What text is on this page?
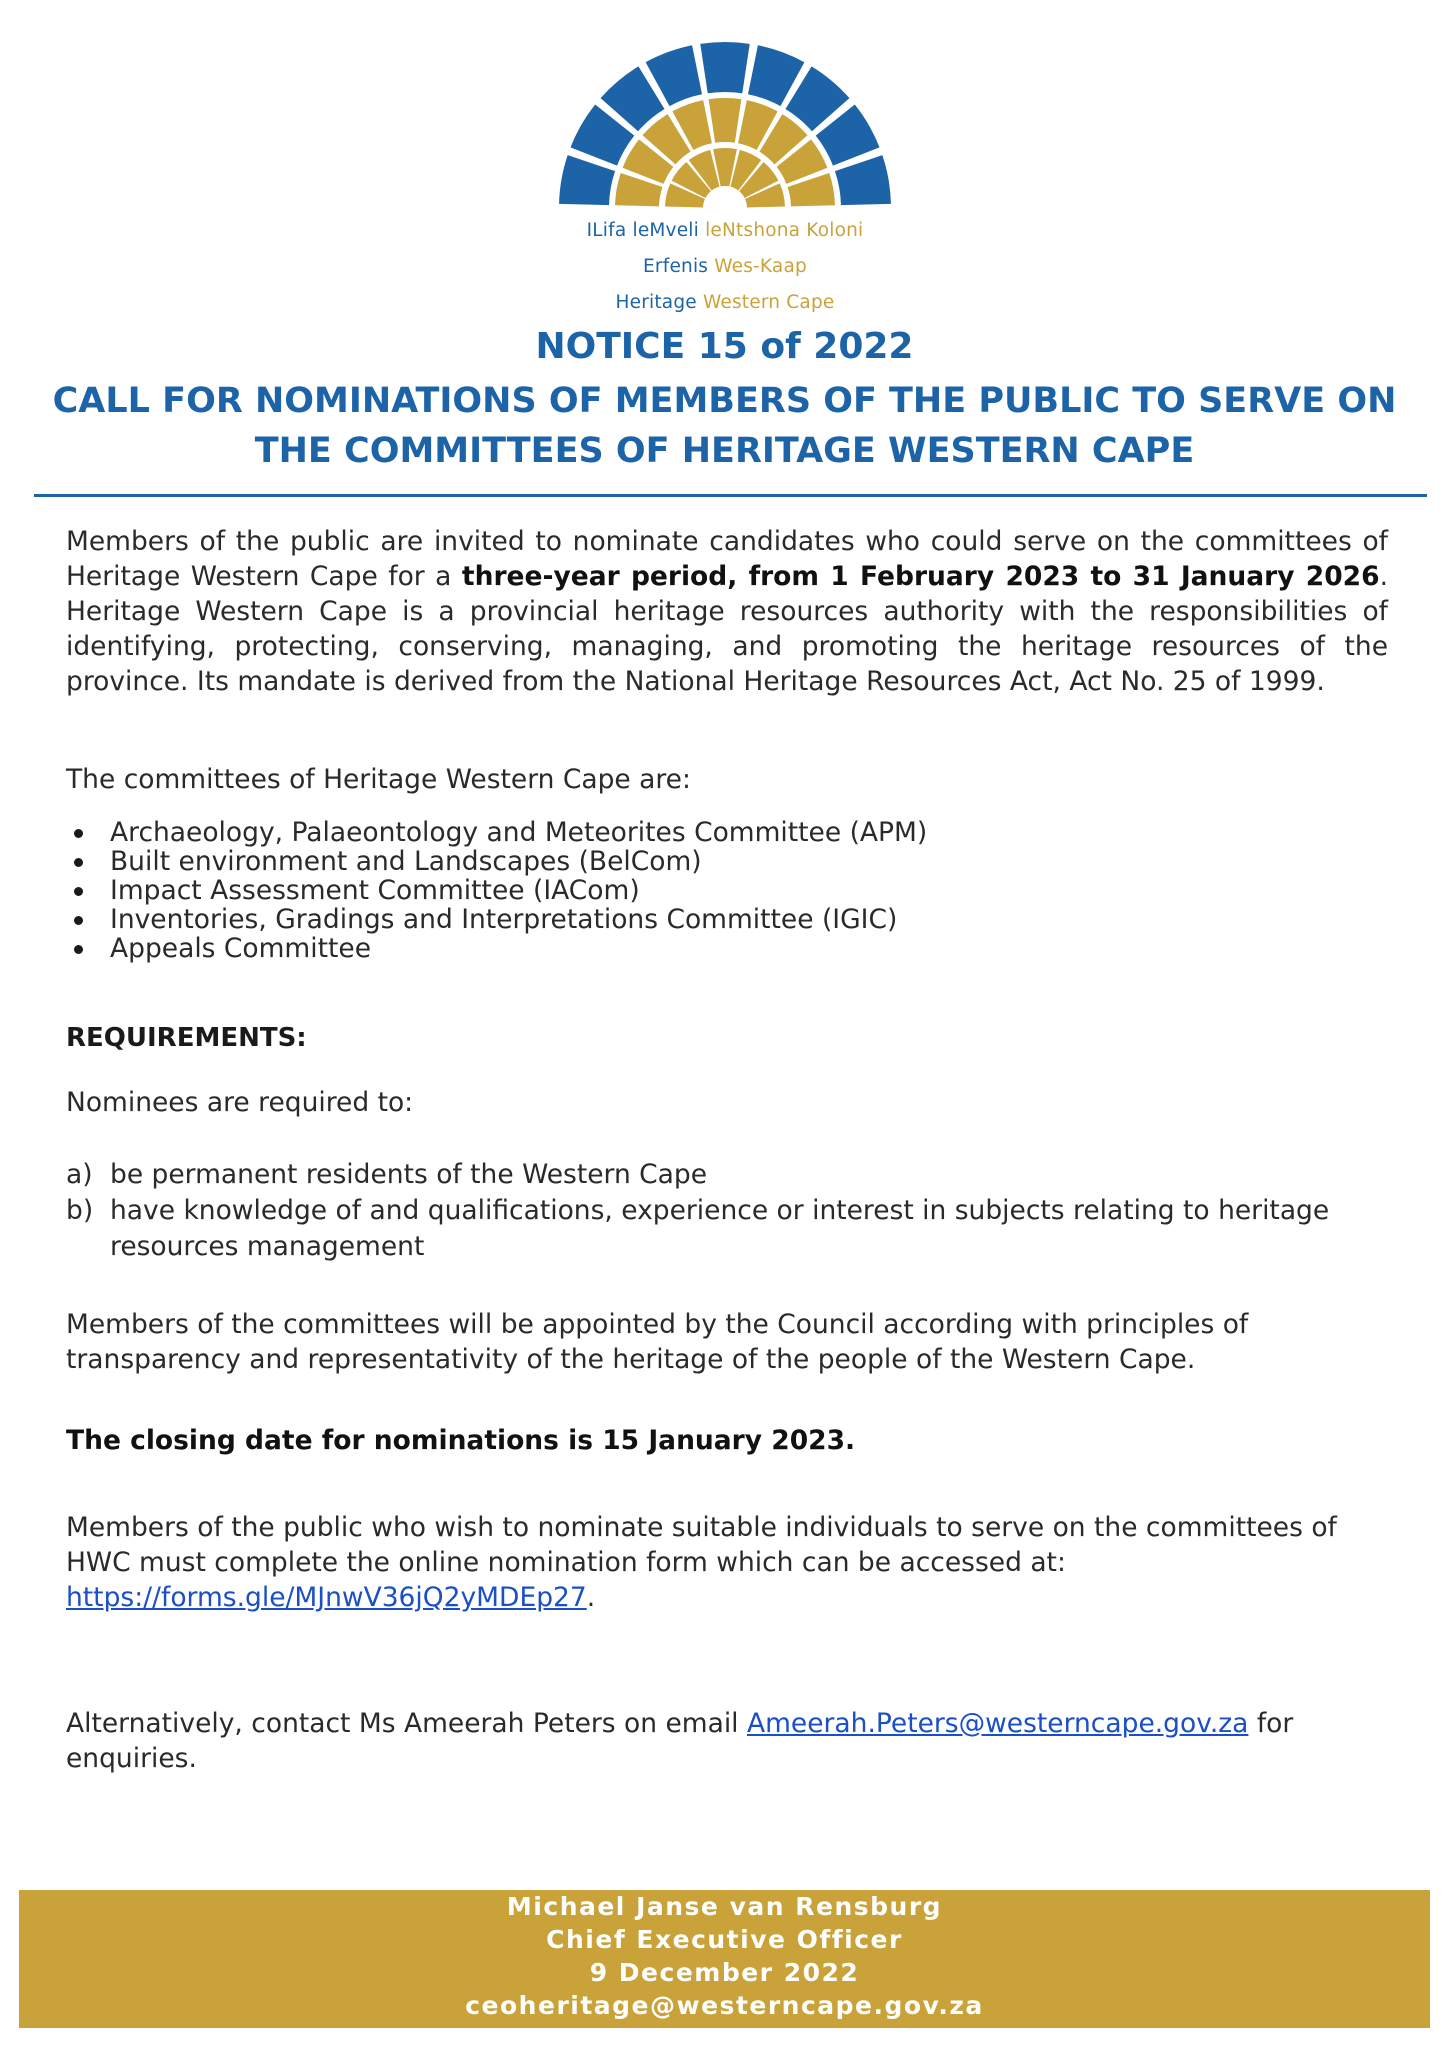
ILifa leMveli leNtshona Koloni
Erfenis Wes-Kaap
Heritage Western Cape
NOTICE 15 of 2022
CALL FOR NOMINATIONS OF MEMBERS OF THE PUBLIC TO SERVE ON
THE COMMITTEES OF HERITAGE WESTERN CAPE
Members of the public are invited to nominate candidates who could serve on the committees of Heritage Western Cape for a three-year period, from 1 February 2023 to 31 January 2026. Heritage Western Cape is a provincial heritage resources authority with the responsibilities of identifying, protecting, conserving, managing, and promoting the heritage resources of the province. Its mandate is derived from the National Heritage Resources Act, Act No. 25 of 1999.
The committees of Heritage Western Cape are:
Archaeology, Palaeontology and Meteorites Committee (APM)
Built environment and Landscapes (BelCom)
Impact Assessment Committee (IACom)
Inventories, Gradings and Interpretations Committee (IGIC)
Appeals Committee
REQUIREMENTS:
Nominees are required to:
a) be permanent residents of the Western Cape
b) have knowledge of and qualifications, experience or interest in subjects relating to heritage resources management
Members of the committees will be appointed by the Council according with principles of transparency and representativity of the heritage of the people of the Western Cape.
The closing date for nominations is 15 January 2023.
Members of the public who wish to nominate suitable individuals to serve on the committees of HWC must complete the online nomination form which can be accessed at: https://forms.gle/MJnwV36jQ2yMDEp27.
Alternatively, contact Ms Ameerah Peters on email Ameerah.Peters@westerncape.gov.za for enquiries.
Michael Janse van Rensburg
Chief Executive Officer
9 December 2022
ceoheritage@westerncape.gov.za
